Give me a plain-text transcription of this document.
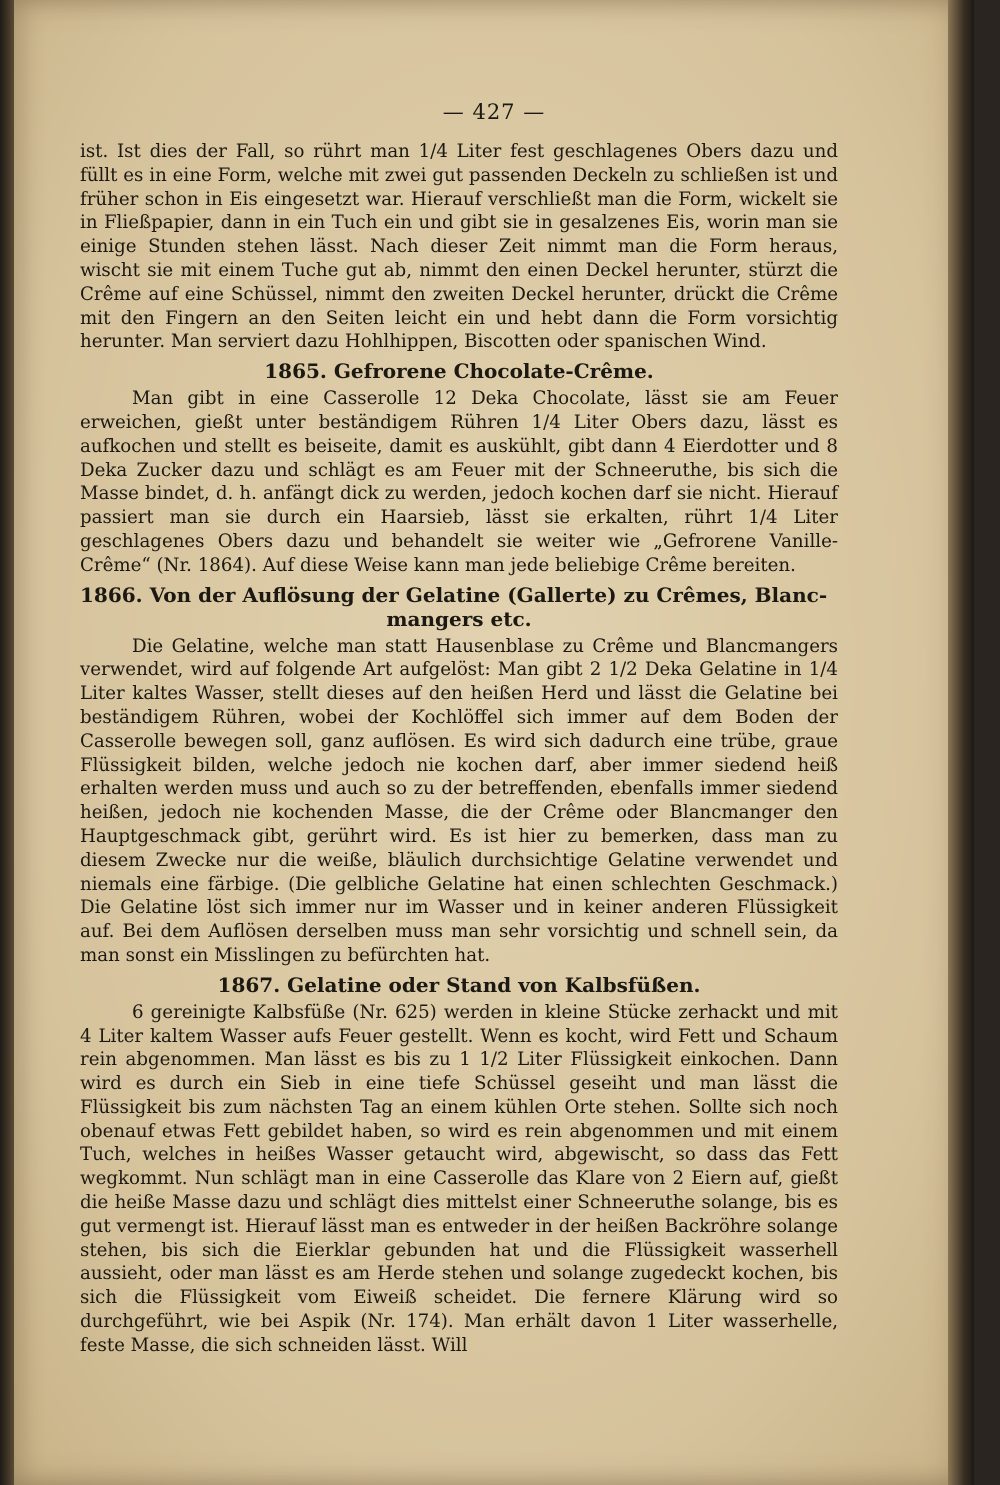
— 427 —

ist. Ist dies der Fall, so rührt man 1/4 Liter fest geschlagenes Obers dazu und füllt es in eine Form, welche mit zwei gut passenden Deckeln zu schließen ist und früher schon in Eis eingesetzt war. Hierauf verschließt man die Form, wickelt sie in Fließpapier, dann in ein Tuch ein und gibt sie in gesalzenes Eis, worin man sie einige Stunden stehen lässt. Nach dieser Zeit nimmt man die Form heraus, wischt sie mit einem Tuche gut ab, nimmt den einen Deckel herunter, stürzt die Crême auf eine Schüssel, nimmt den zweiten Deckel herunter, drückt die Crême mit den Fingern an den Seiten leicht ein und hebt dann die Form vorsichtig herunter. Man serviert dazu Hohlhippen, Biscotten oder spanischen Wind.

1865. Gefrorene Chocolate-Crême.

Man gibt in eine Casserolle 12 Deka Chocolate, lässt sie am Feuer erweichen, gießt unter beständigem Rühren 1/4 Liter Obers dazu, lässt es aufkochen und stellt es beiseite, damit es auskühlt, gibt dann 4 Eierdotter und 8 Deka Zucker dazu und schlägt es am Feuer mit der Schneeruthe, bis sich die Masse bindet, d. h. anfängt dick zu werden, jedoch kochen darf sie nicht. Hierauf passiert man sie durch ein Haarsieb, lässt sie erkalten, rührt 1/4 Liter geschlagenes Obers dazu und behandelt sie weiter wie „Gefrorene Vanille-Crême“ (Nr. 1864). Auf diese Weise kann man jede beliebige Crême bereiten.

1866. Von der Auflösung der Gelatine (Gallerte) zu Crêmes, Blanc-
mangers etc.

Die Gelatine, welche man statt Hausenblase zu Crême und Blancmangers verwendet, wird auf folgende Art aufgelöst: Man gibt 2 1/2 Deka Gelatine in 1/4 Liter kaltes Wasser, stellt dieses auf den heißen Herd und lässt die Gelatine bei beständigem Rühren, wobei der Kochlöffel sich immer auf dem Boden der Casserolle bewegen soll, ganz auflösen. Es wird sich dadurch eine trübe, graue Flüssigkeit bilden, welche jedoch nie kochen darf, aber immer siedend heiß erhalten werden muss und auch so zu der betreffenden, ebenfalls immer siedend heißen, jedoch nie kochenden Masse, die der Crême oder Blancmanger den Hauptgeschmack gibt, gerührt wird. Es ist hier zu bemerken, dass man zu diesem Zwecke nur die weiße, bläulich durchsichtige Gelatine verwendet und niemals eine färbige. (Die gelbliche Gelatine hat einen schlechten Geschmack.) Die Gelatine löst sich immer nur im Wasser und in keiner anderen Flüssigkeit auf. Bei dem Auflösen derselben muss man sehr vorsichtig und schnell sein, da man sonst ein Misslingen zu befürchten hat.

1867. Gelatine oder Stand von Kalbsfüßen.

6 gereinigte Kalbsfüße (Nr. 625) werden in kleine Stücke zerhackt und mit 4 Liter kaltem Wasser aufs Feuer gestellt. Wenn es kocht, wird Fett und Schaum rein abgenommen. Man lässt es bis zu 1 1/2 Liter Flüssigkeit einkochen. Dann wird es durch ein Sieb in eine tiefe Schüssel geseiht und man lässt die Flüssigkeit bis zum nächsten Tag an einem kühlen Orte stehen. Sollte sich noch obenauf etwas Fett gebildet haben, so wird es rein abgenommen und mit einem Tuch, welches in heißes Wasser getaucht wird, abgewischt, so dass das Fett wegkommt. Nun schlägt man in eine Casserolle das Klare von 2 Eiern auf, gießt die heiße Masse dazu und schlägt dies mittelst einer Schneeruthe solange, bis es gut vermengt ist. Hierauf lässt man es entweder in der heißen Backröhre solange stehen, bis sich die Eierklar gebunden hat und die Flüssigkeit wasserhell aussieht, oder man lässt es am Herde stehen und solange zugedeckt kochen, bis sich die Flüssigkeit vom Eiweiß scheidet. Die fernere Klärung wird so durchgeführt, wie bei Aspik (Nr. 174). Man erhält davon 1 Liter wasserhelle, feste Masse, die sich schneiden lässt. Will
